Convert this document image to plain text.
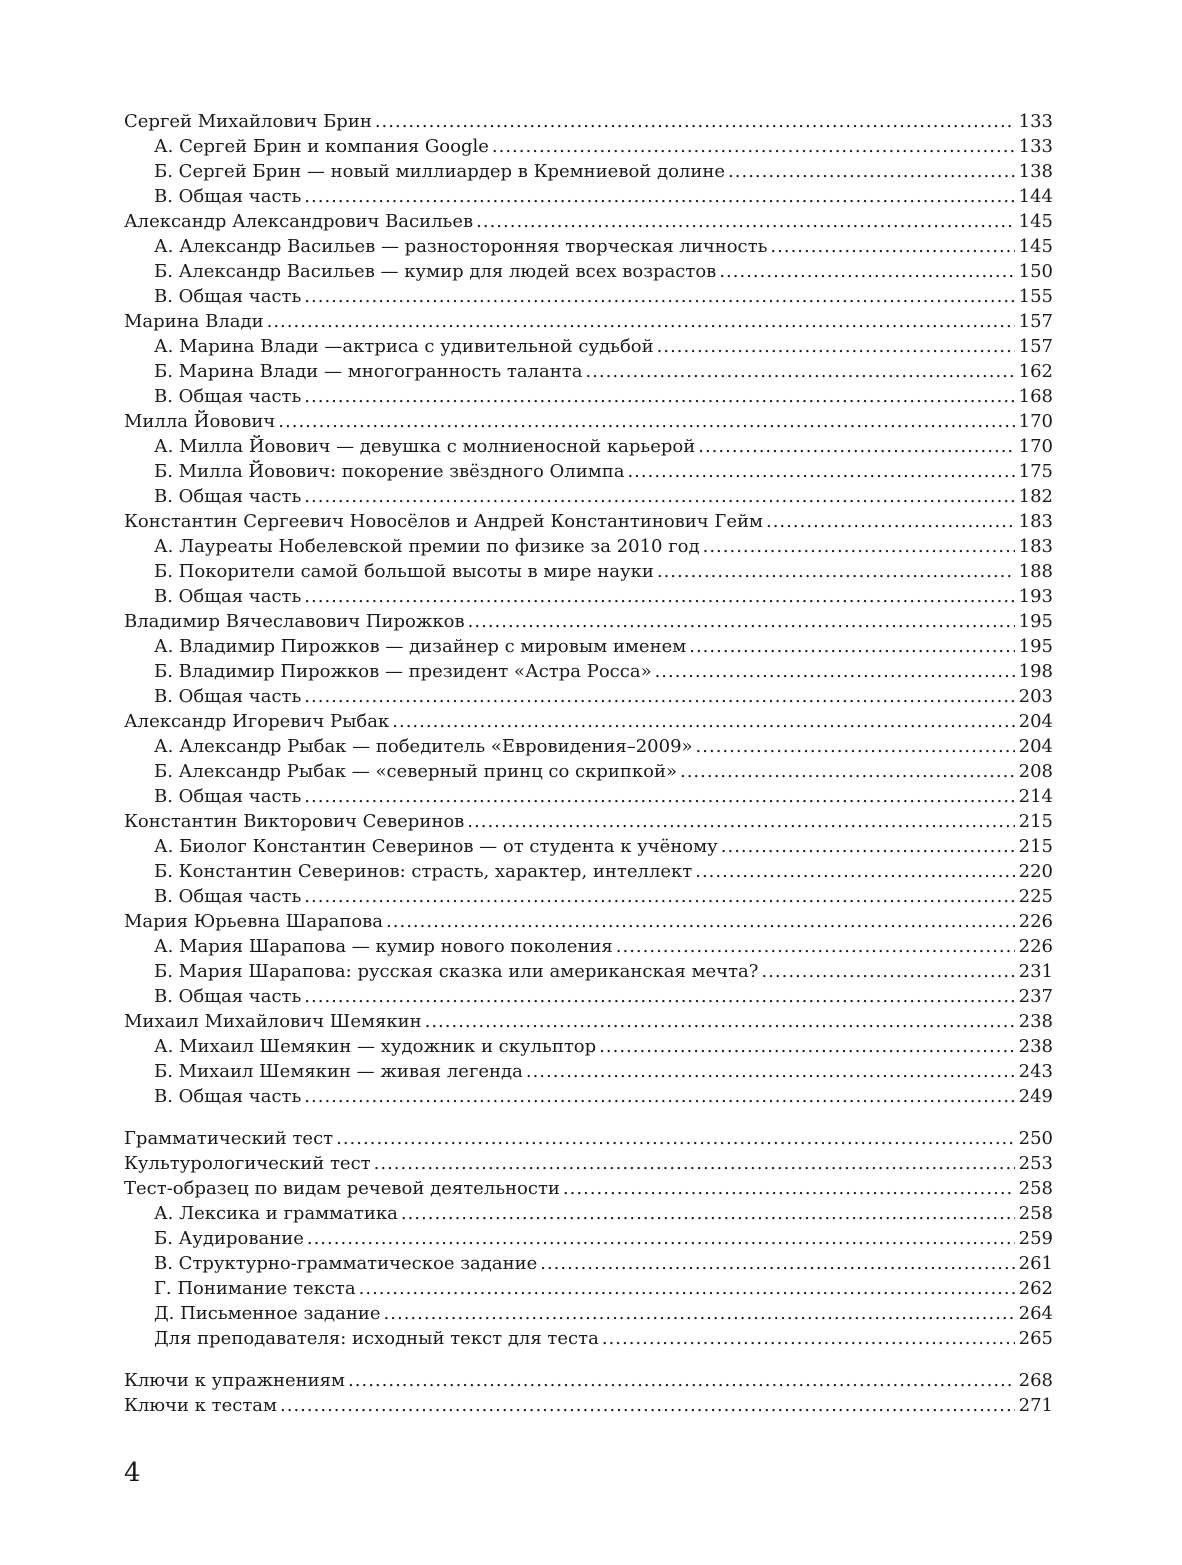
Сергей Михайлович Брин .....	133
А. Сергей Брин и компания Google .....	133
Б. Сергей Брин — новый миллиардер в Кремниевой долине .....	138
В. Общая часть .....	144
Александр Александрович Васильев .....	145
А. Александр Васильев — разносторонняя творческая личность .....	145
Б. Александр Васильев — кумир для людей всех возрастов .....	150
В. Общая часть .....	155
Марина Влади .....	157
А. Марина Влади —актриса с удивительной судьбой .....	157
Б. Марина Влади — многогранность таланта .....	162
В. Общая часть .....	168
Милла Йовович .....	170
А. Милла Йовович — девушка с молниеносной карьерой .....	170
Б. Милла Йовович: покорение звёздного Олимпа .....	175
В. Общая часть .....	182
Константин Сергеевич Новосёлов и Андрей Константинович Гейм .....	183
А. Лауреаты Нобелевской премии по физике за 2010 год .....	183
Б. Покорители самой большой высоты в мире науки .....	188
В. Общая часть .....	193
Владимир Вячеславович Пирожков .....	195
А. Владимир Пирожков — дизайнер с мировым именем .....	195
Б. Владимир Пирожков — президент «Астра Росса» .....	198
В. Общая часть .....	203
Александр Игоревич Рыбак .....	204
А. Александр Рыбак — победитель «Евровидения–2009» .....	204
Б. Александр Рыбак — «северный принц со скрипкой» .....	208
В. Общая часть .....	214
Константин Викторович Северинов .....	215
А. Биолог Константин Северинов — от студента к учёному .....	215
Б. Константин Северинов: страсть, характер, интеллект .....	220
В. Общая часть .....	225
Мария Юрьевна Шарапова .....	226
А. Мария Шарапова — кумир нового поколения .....	226
Б. Мария Шарапова: русская сказка или американская мечта? .....	231
В. Общая часть .....	237
Михаил Михайлович Шемякин .....	238
А. Михаил Шемякин — художник и скульптор .....	238
Б. Михаил Шемякин — живая легенда .....	243
В. Общая часть .....	249
Грамматический тест .....	250
Культурологический тест .....	253
Тест-образец по видам речевой деятельности .....	258
А. Лексика и грамматика .....	258
Б. Аудирование .....	259
В. Структурно-грамматическое задание .....	261
Г. Понимание текста .....	262
Д. Письменное задание .....	264
Для преподавателя: исходный текст для теста .....	265
Ключи к упражнениям .....	268
Ключи к тестам .....	271
4
